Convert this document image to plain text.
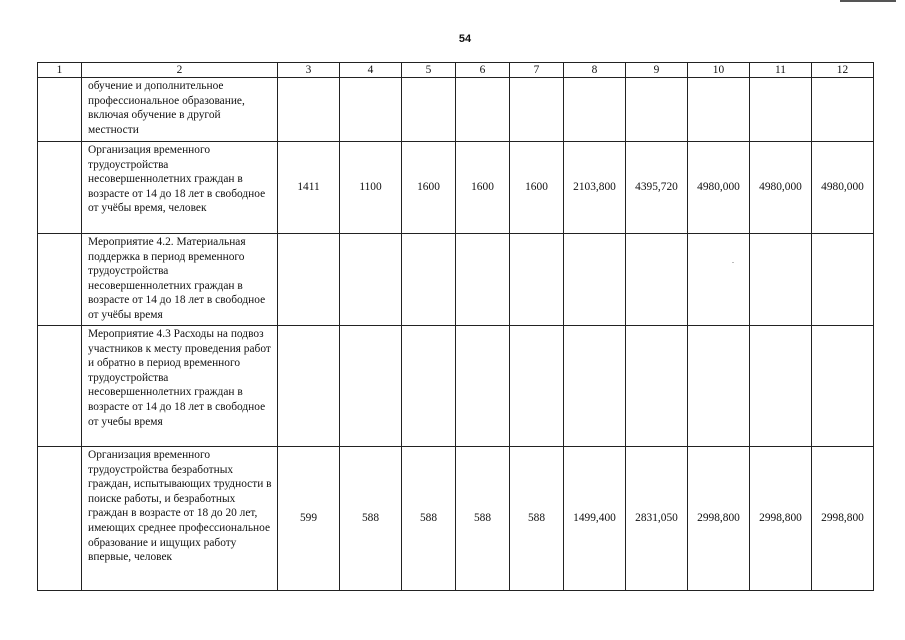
54
1	2	3	4	5	6	7	8	9	10	11	12
	обучение и дополнительное профессиональное образование, включая обучение в другой местности										
	Организация временного трудоустройства несовершеннолетних граждан в возрасте от 14 до 18 лет в свободное от учёбы время, человек	1411	1100	1600	1600	1600	2103,800	4395,720	4980,000	4980,000	4980,000
	Мероприятие 4.2. Материальная поддержка в период временного трудоустройства несовершеннолетних граждан в возрасте от 14 до 18 лет в свободное от учёбы время										
	Мероприятие 4.3 Расходы на подвоз участников к месту проведения работ и обратно в период временного трудоустройства несовершеннолетних граждан в возрасте от 14 до 18 лет в свободное от учебы время										
	Организация временного трудоустройства безработных граждан, испытывающих трудности в поиске работы, и безработных граждан в возрасте от 18 до 20 лет, имеющих среднее профессиональное образование и ищущих работу впервые, человек	599	588	588	588	588	1499,400	2831,050	2998,800	2998,800	2998,800
